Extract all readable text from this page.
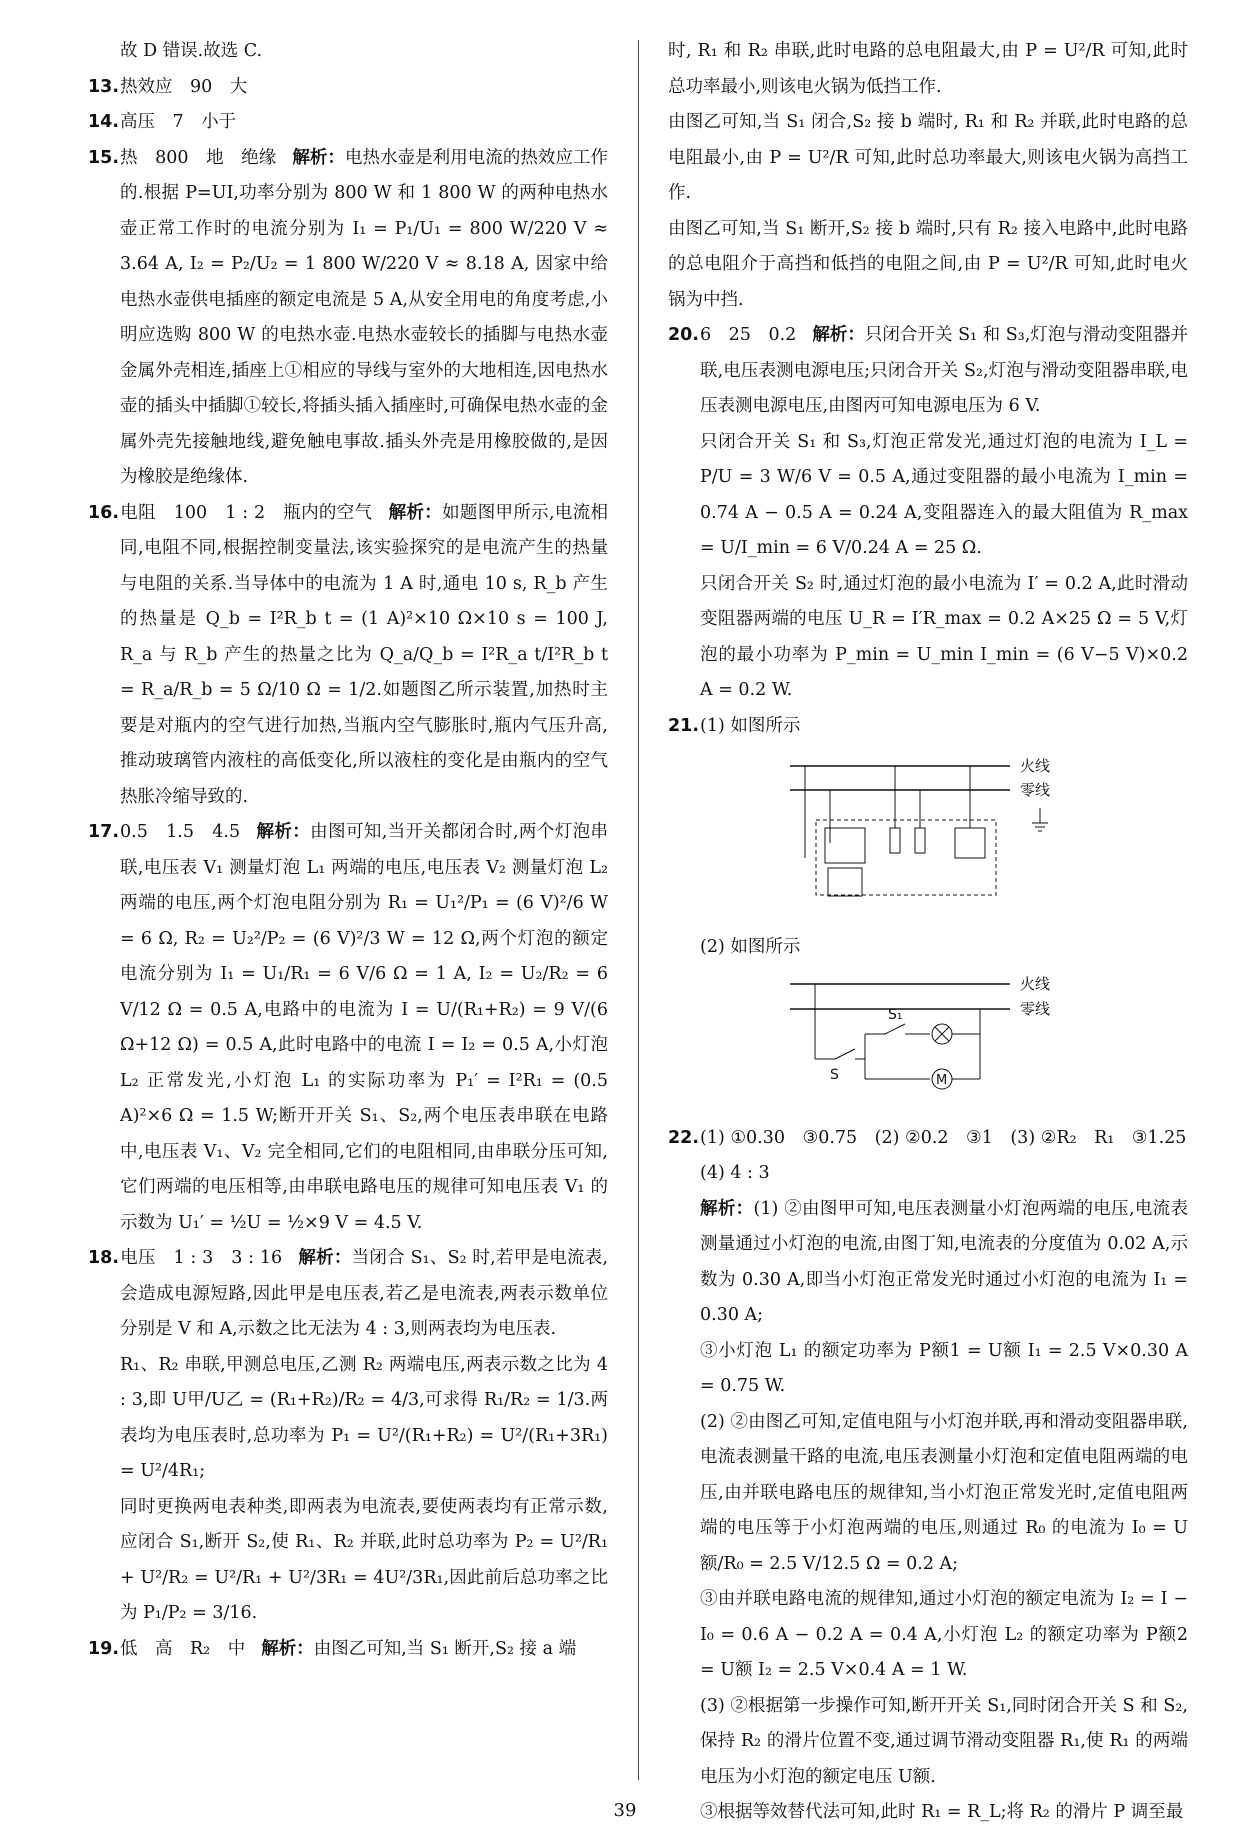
故 D 错误.故选 C.

13.热效应　90　大

14.高压　7　小于

15.热　800　地　绝缘 解析：电热水壶是利用电流的热效应工作的.根据 P=UI,功率分别为 800 W 和 1 800 W 的两种电热水壶正常工作时的电流分别为 I₁ = P₁/U₁ = 800 W/220 V ≈ 3.64 A, I₂ = P₂/U₂ = 1 800 W/220 V ≈ 8.18 A, 因家中给电热水壶供电插座的额定电流是 5 A,从安全用电的角度考虑,小明应选购 800 W 的电热水壶.电热水壶较长的插脚与电热水壶金属外壳相连,插座上①相应的导线与室外的大地相连,因电热水壶的插头中插脚①较长,将插头插入插座时,可确保电热水壶的金属外壳先接触地线,避免触电事故.插头外壳是用橡胶做的,是因为橡胶是绝缘体.

16.电阻　100　1 : 2　瓶内的空气 解析：如题图甲所示,电流相同,电阻不同,根据控制变量法,该实验探究的是电流产生的热量与电阻的关系.当导体中的电流为 1 A 时,通电 10 s, R_b 产生的热量是 Q_b = I²R_b t = (1 A)²×10 Ω×10 s = 100 J, R_a 与 R_b 产生的热量之比为 Q_a/Q_b = I²R_a t/I²R_b t = R_a/R_b = 5 Ω/10 Ω = 1/2.如题图乙所示装置,加热时主要是对瓶内的空气进行加热,当瓶内空气膨胀时,瓶内气压升高,推动玻璃管内液柱的高低变化,所以液柱的变化是由瓶内的空气热胀冷缩导致的.

17.0.5　1.5　4.5 解析：由图可知,当开关都闭合时,两个灯泡串联,电压表 V₁ 测量灯泡 L₁ 两端的电压,电压表 V₂ 测量灯泡 L₂ 两端的电压,两个灯泡电阻分别为 R₁ = U₁²/P₁ = (6 V)²/6 W = 6 Ω, R₂ = U₂²/P₂ = (6 V)²/3 W = 12 Ω,两个灯泡的额定电流分别为 I₁ = U₁/R₁ = 6 V/6 Ω = 1 A, I₂ = U₂/R₂ = 6 V/12 Ω = 0.5 A,电路中的电流为 I = U/(R₁+R₂) = 9 V/(6 Ω+12 Ω) = 0.5 A,此时电路中的电流 I = I₂ = 0.5 A,小灯泡 L₂ 正常发光,小灯泡 L₁ 的实际功率为 P₁′ = I²R₁ = (0.5 A)²×6 Ω = 1.5 W;断开开关 S₁、S₂,两个电压表串联在电路中,电压表 V₁、V₂ 完全相同,它们的电阻相同,由串联分压可知,它们两端的电压相等,由串联电路电压的规律可知电压表 V₁ 的示数为 U₁′ = ½U = ½×9 V = 4.5 V.

18.电压　1 : 3　3 : 16 解析：当闭合 S₁、S₂ 时,若甲是电流表,会造成电源短路,因此甲是电压表,若乙是电流表,两表示数单位分别是 V 和 A,示数之比无法为 4 : 3,则两表均为电压表.

R₁、R₂ 串联,甲测总电压,乙测 R₂ 两端电压,两表示数之比为 4 : 3,即 U甲/U乙 = (R₁+R₂)/R₂ = 4/3,可求得 R₁/R₂ = 1/3.两表均为电压表时,总功率为 P₁ = U²/(R₁+R₂) = U²/(R₁+3R₁) = U²/4R₁;

同时更换两电表种类,即两表为电流表,要使两表均有正常示数,应闭合 S₁,断开 S₂,使 R₁、R₂ 并联,此时总功率为 P₂ = U²/R₁ + U²/R₂ = U²/R₁ + U²/3R₁ = 4U²/3R₁,因此前后总功率之比为 P₁/P₂ = 3/16.

19.低　高　R₂　中 解析：由图乙可知,当 S₁ 断开,S₂ 接 a 端

时, R₁ 和 R₂ 串联,此时电路的总电阻最大,由 P = U²/R 可知,此时总功率最小,则该电火锅为低挡工作.

由图乙可知,当 S₁ 闭合,S₂ 接 b 端时, R₁ 和 R₂ 并联,此时电路的总电阻最小,由 P = U²/R 可知,此时总功率最大,则该电火锅为高挡工作.

由图乙可知,当 S₁ 断开,S₂ 接 b 端时,只有 R₂ 接入电路中,此时电路的总电阻介于高挡和低挡的电阻之间,由 P = U²/R 可知,此时电火锅为中挡.

20.6　25　0.2 解析：只闭合开关 S₁ 和 S₃,灯泡与滑动变阻器并联,电压表测电源电压;只闭合开关 S₂,灯泡与滑动变阻器串联,电压表测电源电压,由图丙可知电源电压为 6 V.

只闭合开关 S₁ 和 S₃,灯泡正常发光,通过灯泡的电流为 I_L = P/U = 3 W/6 V = 0.5 A,通过变阻器的最小电流为 I_min = 0.74 A − 0.5 A = 0.24 A,变阻器连入的最大阻值为 R_max = U/I_min = 6 V/0.24 A = 25 Ω.

只闭合开关 S₂ 时,通过灯泡的最小电流为 I′ = 0.2 A,此时滑动变阻器两端的电压 U_R = I′R_max = 0.2 A×25 Ω = 5 V,灯泡的最小功率为 P_min = U_min I_min = (6 V−5 V)×0.2 A = 0.2 W.

21.(1) 如图所示

火线
零线

(2) 如图所示

火线
零线
S
S₁
M

22.(1) ①0.30　③0.75　(2) ②0.2　③1　(3) ②R₂　R₁　③1.25

(4) 4 : 3

解析：(1) ②由图甲可知,电压表测量小灯泡两端的电压,电流表测量通过小灯泡的电流,由图丁知,电流表的分度值为 0.02 A,示数为 0.30 A,即当小灯泡正常发光时通过小灯泡的电流为 I₁ = 0.30 A;

③小灯泡 L₁ 的额定功率为 P额1 = U额 I₁ = 2.5 V×0.30 A = 0.75 W.

(2) ②由图乙可知,定值电阻与小灯泡并联,再和滑动变阻器串联,电流表测量干路的电流,电压表测量小灯泡和定值电阻两端的电压,由并联电路电压的规律知,当小灯泡正常发光时,定值电阻两端的电压等于小灯泡两端的电压,则通过 R₀ 的电流为 I₀ = U额/R₀ = 2.5 V/12.5 Ω = 0.2 A;

③由并联电路电流的规律知,通过小灯泡的额定电流为 I₂ = I − I₀ = 0.6 A − 0.2 A = 0.4 A,小灯泡 L₂ 的额定功率为 P额2 = U额 I₂ = 2.5 V×0.4 A = 1 W.

(3) ②根据第一步操作可知,断开开关 S₁,同时闭合开关 S 和 S₂,保持 R₂ 的滑片位置不变,通过调节滑动变阻器 R₁,使 R₁ 的两端电压为小灯泡的额定电压 U额.

③根据等效替代法可知,此时 R₁ = R_L;将 R₂ 的滑片 P 调至最

39
